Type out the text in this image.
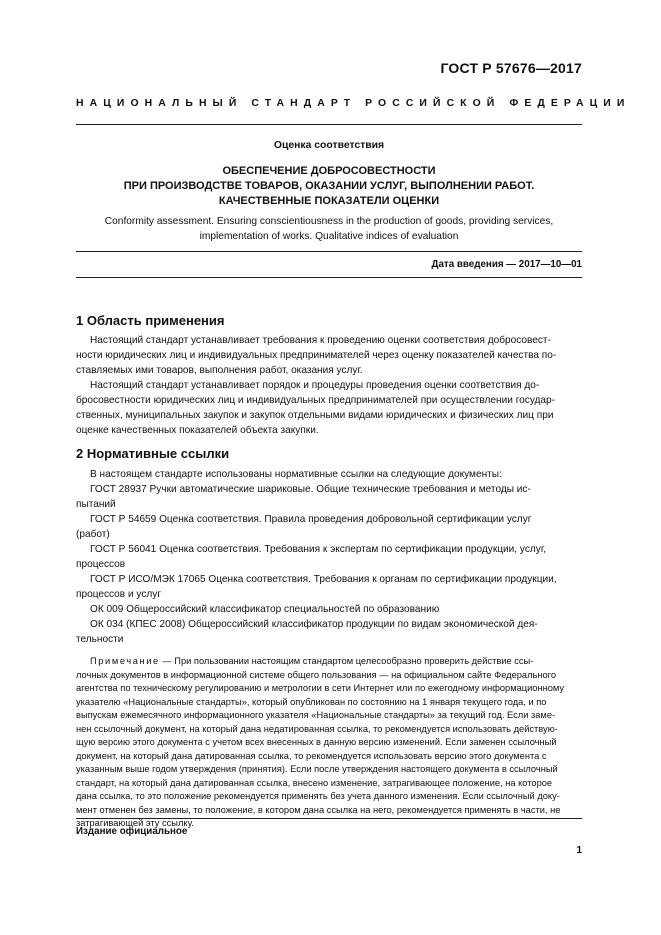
ГОСТ Р 57676—2017
НАЦИОНАЛЬНЫЙ СТАНДАРТ РОССИЙСКОЙ ФЕДЕРАЦИИ
Оценка соответствия
ОБЕСПЕЧЕНИЕ ДОБРОСОВЕСТНОСТИ
ПРИ ПРОИЗВОДСТВЕ ТОВАРОВ, ОКАЗАНИИ УСЛУГ, ВЫПОЛНЕНИИ РАБОТ.
КАЧЕСТВЕННЫЕ ПОКАЗАТЕЛИ ОЦЕНКИ
Conformity assessment. Ensuring conscientiousness in the production of goods, providing services,
implementation of works. Qualitative indices of evaluation
Дата введения — 2017—10—01
1 Область применения
Настоящий стандарт устанавливает требования к проведению оценки соответствия добросовест-
ности юридических лиц и индивидуальных предпринимателей через оценку показателей качества по-
ставляемых ими товаров, выполнения работ, оказания услуг.
Настоящий стандарт устанавливает порядок и процедуры проведения оценки соответствия до-
бросовестности юридических лиц и индивидуальных предпринимателей при осуществлении государ-
ственных, муниципальных закупок и закупок отдельными видами юридических и физических лиц при
оценке качественных показателей объекта закупки.
2 Нормативные ссылки
В настоящем стандарте использованы нормативные ссылки на следующие документы:
ГОСТ 28937 Ручки автоматические шариковые. Общие технические требования и методы ис-
пытаний
ГОСТ Р 54659 Оценка соответствия. Правила проведения добровольной сертификации услуг
(работ)
ГОСТ Р 56041 Оценка соответствия. Требования к экспертам по сертификации продукции, услуг,
процессов
ГОСТ Р ИСО/МЭК 17065 Оценка соответствия. Требования к органам по сертификации продукции,
процессов и услуг
ОК 009 Общероссийский классификатор специальностей по образованию
ОК 034 (КПЕС 2008) Общероссийский классификатор продукции по видам экономической дея-
тельности
Примечание — При пользовании настоящим стандартом целесообразно проверить действие ссы-
лочных документов в информационной системе общего пользования — на официальном сайте Федерального
агентства по техническому регулированию и метрологии в сети Интернет или по ежегодному информационному
указателю «Национальные стандарты», который опубликован по состоянию на 1 января текущего года, и по
выпускам ежемесячного информационного указателя «Национальные стандарты» за текущий год. Если заме-
нен ссылочный документ, на который дана недатированная ссылка, то рекомендуется использовать действую-
щую версию этого документа с учетом всех внесенных в данную версию изменений. Если заменен ссылочный
документ, на который дана датированная ссылка, то рекомендуется использовать версию этого документа с
указанным выше годом утверждения (принятия). Если после утверждения настоящего документа в ссылочный
стандарт, на который дана датированная ссылка, внесено изменение, затрагивающее положение, на которое
дана ссылка, то это положение рекомендуется применять без учета данного изменения. Если ссылочный доку-
мент отменен без замены, то положение, в котором дана ссылка на него, рекомендуется применять в части, не
затрагивающей эту ссылку.
Издание официальное
1
